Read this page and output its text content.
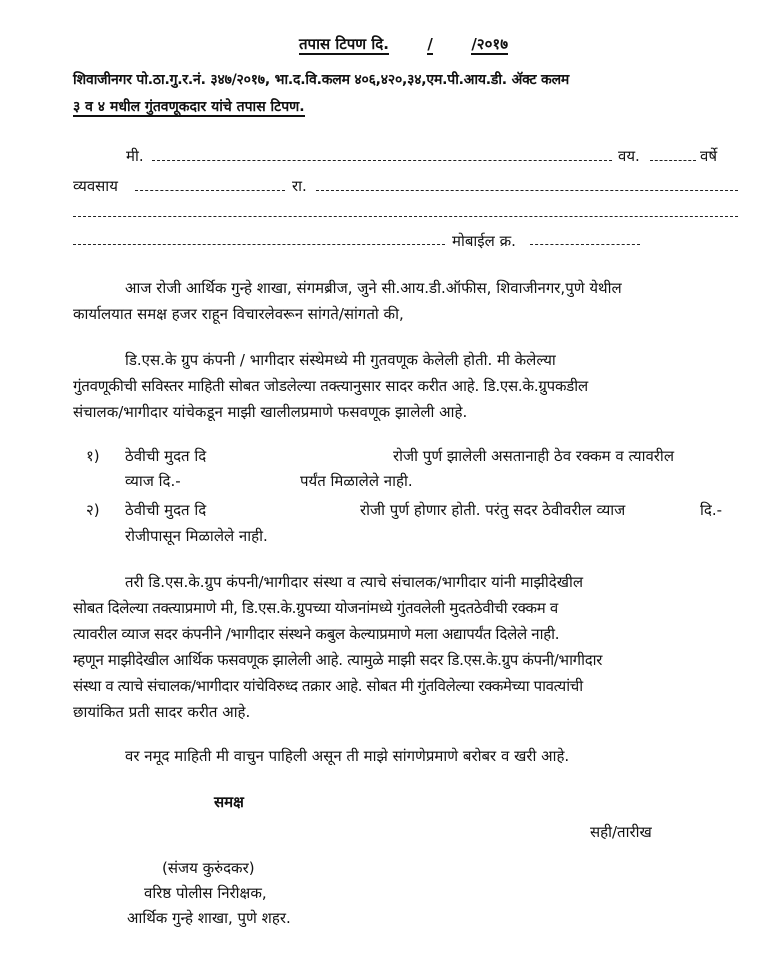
तपास टिपण दि.	/	/२०१७
शिवाजीनगर पो.ठा.गु.र.नं. ३४७/२०१७, भा.द.वि.कलम ४०६,४२०,३४,एम.पी.आय.डी. ॲक्ट कलम
३ व ४ मधील गुंतवणूकदार यांचे तपास टिपण.
मी.	वय.	वर्षे
व्यवसाय	रा.
मोबाईल क्र.
आज रोजी आर्थिक गुन्हे शाखा, संगमब्रीज, जुने सी.आय.डी.ऑफीस, शिवाजीनगर,पुणे येथील
कार्यालयात समक्ष हजर राहून विचारलेवरून सांगते/सांगतो की,
डि.एस.के ग्रुप कंपनी / भागीदार संस्थेमध्ये मी गुतवणूक केलेली होती. मी केलेल्या
गुंतवणूकीची सविस्तर माहिती सोबत जोडलेल्या तक्त्यानुसार सादर करीत आहे. डि.एस.के.ग्रुपकडील
संचालक/भागीदार यांचेकडून माझी खालीलप्रमाणे फसवणूक झालेली आहे.
१) ठेवीची मुदत दि	रोजी पुर्ण झालेली असतानाही ठेव रक्कम व त्यावरील
व्याज दि.-	पर्यंत मिळालेले नाही.
२) ठेवीची मुदत दि	रोजी पुर्ण होणार होती. परंतु सदर ठेवीवरील व्याज	दि.-
रोजीपासून मिळालेले नाही.
तरी डि.एस.के.ग्रुप कंपनी/भागीदार संस्था व त्याचे संचालक/भागीदार यांनी माझीदेखील
सोबत दिलेल्या तक्त्याप्रमाणे मी, डि.एस.के.ग्रुपच्या योजनांमध्ये गुंतवलेली मुदतठेवीची रक्कम व
त्यावरील व्याज सदर कंपनीने /भागीदार संस्थने कबुल केल्याप्रमाणे मला अद्यापर्यंत दिलेले नाही.
म्हणून माझीदेखील आर्थिक फसवणूक झालेली आहे. त्यामुळे माझी सदर डि.एस.के.ग्रुप कंपनी/भागीदार
संस्था व त्याचे संचालक/भागीदार यांचेविरुध्द तक्रार आहे. सोबत मी गुंतविलेल्या रक्कमेच्या पावत्यांची
छायांकित प्रती सादर करीत आहे.
वर नमूद माहिती मी वाचुन पाहिली असून ती माझे सांगणेप्रमाणे बरोबर व खरी आहे.
समक्ष
सही/तारीख
(संजय कुरुंदकर)
वरिष्ठ पोलीस निरीक्षक,
आर्थिक गुन्हे शाखा, पुणे शहर.
